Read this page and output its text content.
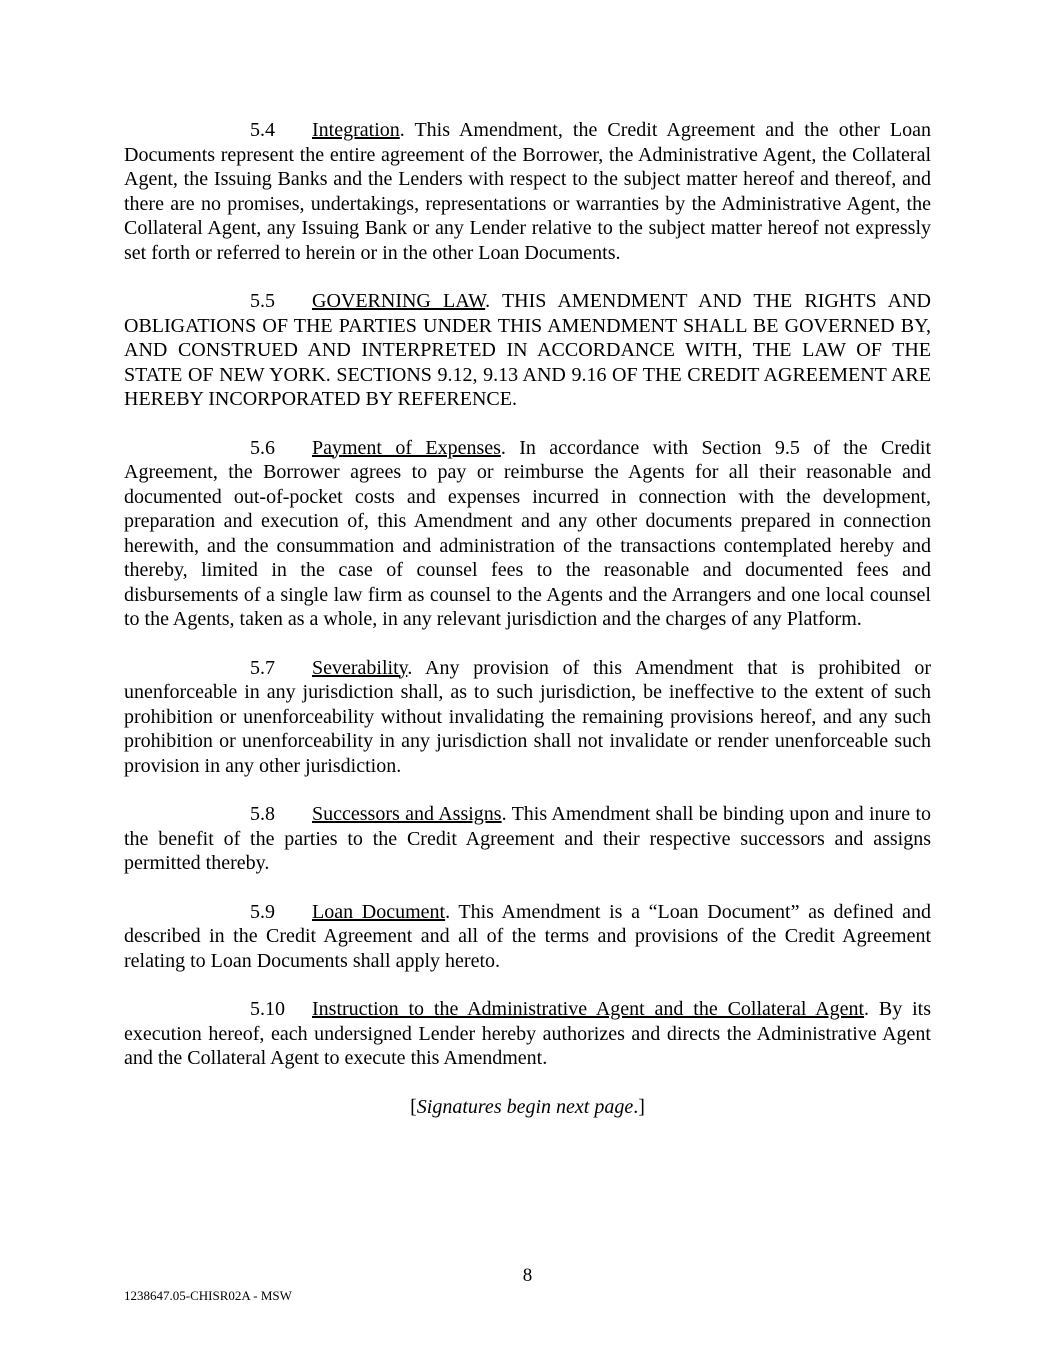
5.4 Integration. This Amendment, the Credit Agreement and the other Loan Documents represent the entire agreement of the Borrower, the Administrative Agent, the Collateral Agent, the Issuing Banks and the Lenders with respect to the subject matter hereof and thereof, and there are no promises, undertakings, representations or warranties by the Administrative Agent, the Collateral Agent, any Issuing Bank or any Lender relative to the subject matter hereof not expressly set forth or referred to herein or in the other Loan Documents.

5.5 GOVERNING LAW. THIS AMENDMENT AND THE RIGHTS AND OBLIGATIONS OF THE PARTIES UNDER THIS AMENDMENT SHALL BE GOVERNED BY, AND CONSTRUED AND INTERPRETED IN ACCORDANCE WITH, THE LAW OF THE STATE OF NEW YORK. SECTIONS 9.12, 9.13 AND 9.16 OF THE CREDIT AGREEMENT ARE HEREBY INCORPORATED BY REFERENCE.

5.6 Payment of Expenses. In accordance with Section 9.5 of the Credit Agreement, the Borrower agrees to pay or reimburse the Agents for all their reasonable and documented out-of-pocket costs and expenses incurred in connection with the development, preparation and execution of, this Amendment and any other documents prepared in connection herewith, and the consummation and administration of the transactions contemplated hereby and thereby, limited in the case of counsel fees to the reasonable and documented fees and disbursements of a single law firm as counsel to the Agents and the Arrangers and one local counsel to the Agents, taken as a whole, in any relevant jurisdiction and the charges of any Platform.

5.7 Severability. Any provision of this Amendment that is prohibited or unenforceable in any jurisdiction shall, as to such jurisdiction, be ineffective to the extent of such prohibition or unenforceability without invalidating the remaining provisions hereof, and any such prohibition or unenforceability in any jurisdiction shall not invalidate or render unenforceable such provision in any other jurisdiction.

5.8 Successors and Assigns. This Amendment shall be binding upon and inure to the benefit of the parties to the Credit Agreement and their respective successors and assigns permitted thereby.

5.9 Loan Document. This Amendment is a “Loan Document” as defined and described in the Credit Agreement and all of the terms and provisions of the Credit Agreement relating to Loan Documents shall apply hereto.

5.10 Instruction to the Administrative Agent and the Collateral Agent. By its execution hereof, each undersigned Lender hereby authorizes and directs the Administrative Agent and the Collateral Agent to execute this Amendment.

[Signatures begin next page.]

8
1238647.05-CHISR02A - MSW
